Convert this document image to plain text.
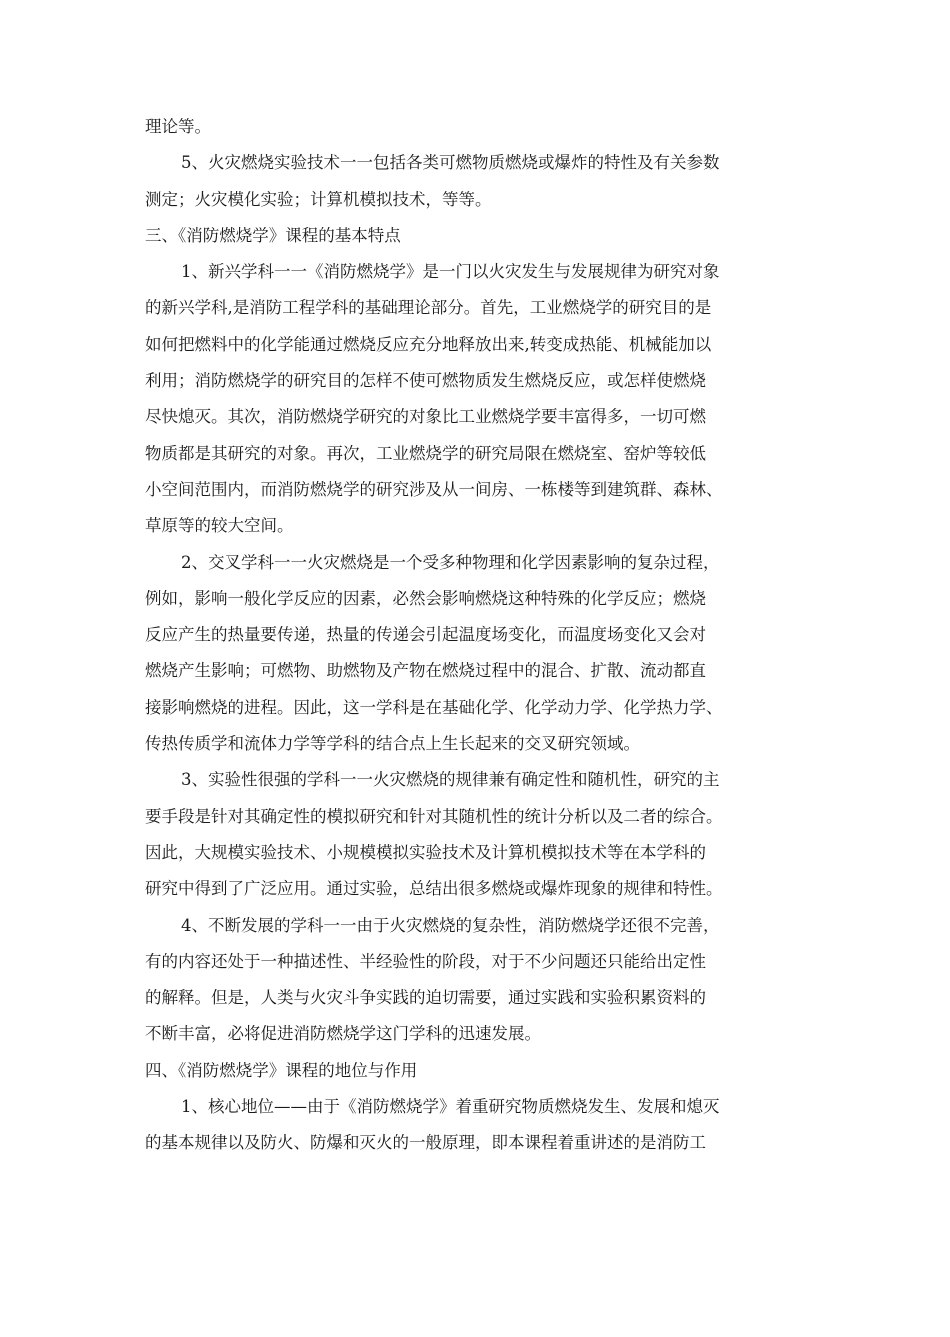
理论等。
5、火灾燃烧实验技术一一包括各类可燃物质燃烧或爆炸的特性及有关参数
测定；火灾模化实验；计算机模拟技术，等等。
三、《消防燃烧学》课程的基本特点
1、新兴学科一一《消防燃烧学》是一门以火灾发生与发展规律为研究对象
的新兴学科,是消防工程学科的基础理论部分。首先，工业燃烧学的研究目的是
如何把燃料中的化学能通过燃烧反应充分地释放出来,转变成热能、机械能加以
利用；消防燃烧学的研究目的怎样不使可燃物质发生燃烧反应，或怎样使燃烧
尽快熄灭。其次，消防燃烧学研究的对象比工业燃烧学要丰富得多，一切可燃
物质都是其研究的对象。再次，工业燃烧学的研究局限在燃烧室、窑炉等较低
小空间范围内，而消防燃烧学的研究涉及从一间房、一栋楼等到建筑群、森林、
草原等的较大空间。
2、交叉学科一一火灾燃烧是一个受多种物理和化学因素影响的复杂过程，
例如，影响一般化学反应的因素，必然会影响燃烧这种特殊的化学反应；燃烧
反应产生的热量要传递，热量的传递会引起温度场变化，而温度场变化又会对
燃烧产生影响；可燃物、助燃物及产物在燃烧过程中的混合、扩散、流动都直
接影响燃烧的进程。因此，这一学科是在基础化学、化学动力学、化学热力学、
传热传质学和流体力学等学科的结合点上生长起来的交叉研究领域。
3、实验性很强的学科一一火灾燃烧的规律兼有确定性和随机性，研究的主
要手段是针对其确定性的模拟研究和针对其随机性的统计分析以及二者的综合。
因此，大规模实验技术、小规模模拟实验技术及计算机模拟技术等在本学科的
研究中得到了广泛应用。通过实验，总结出很多燃烧或爆炸现象的规律和特性。
4、不断发展的学科一一由于火灾燃烧的复杂性，消防燃烧学还很不完善，
有的内容还处于一种描述性、半经验性的阶段，对于不少问题还只能给出定性
的解释。但是，人类与火灾斗争实践的迫切需要，通过实践和实验积累资料的
不断丰富，必将促进消防燃烧学这门学科的迅速发展。
四、《消防燃烧学》课程的地位与作用
1、核心地位——由于《消防燃烧学》着重研究物质燃烧发生、发展和熄灭
的基本规律以及防火、防爆和灭火的一般原理，即本课程着重讲述的是消防工
